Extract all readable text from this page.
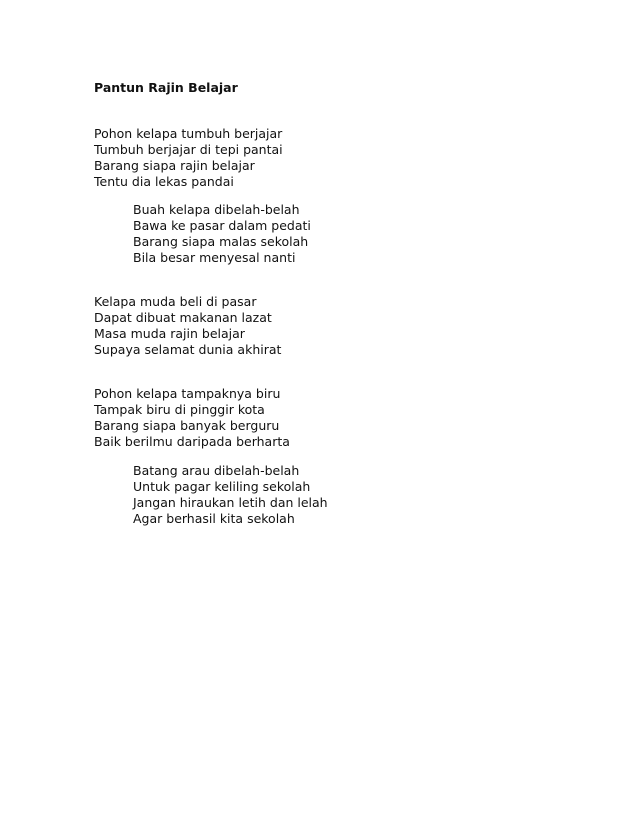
Pantun Rajin Belajar
Pohon kelapa tumbuh berjajar
Tumbuh berjajar di tepi pantai
Barang siapa rajin belajar
Tentu dia lekas pandai
Buah kelapa dibelah-belah
Bawa ke pasar dalam pedati
Barang siapa malas sekolah
Bila besar menyesal nanti
Kelapa muda beli di pasar
Dapat dibuat makanan lazat
Masa muda rajin belajar
Supaya selamat dunia akhirat
Pohon kelapa tampaknya biru
Tampak biru di pinggir kota
Barang siapa banyak berguru
Baik berilmu daripada berharta
Batang arau dibelah-belah
Untuk pagar keliling sekolah
Jangan hiraukan letih dan lelah
Agar berhasil kita sekolah
